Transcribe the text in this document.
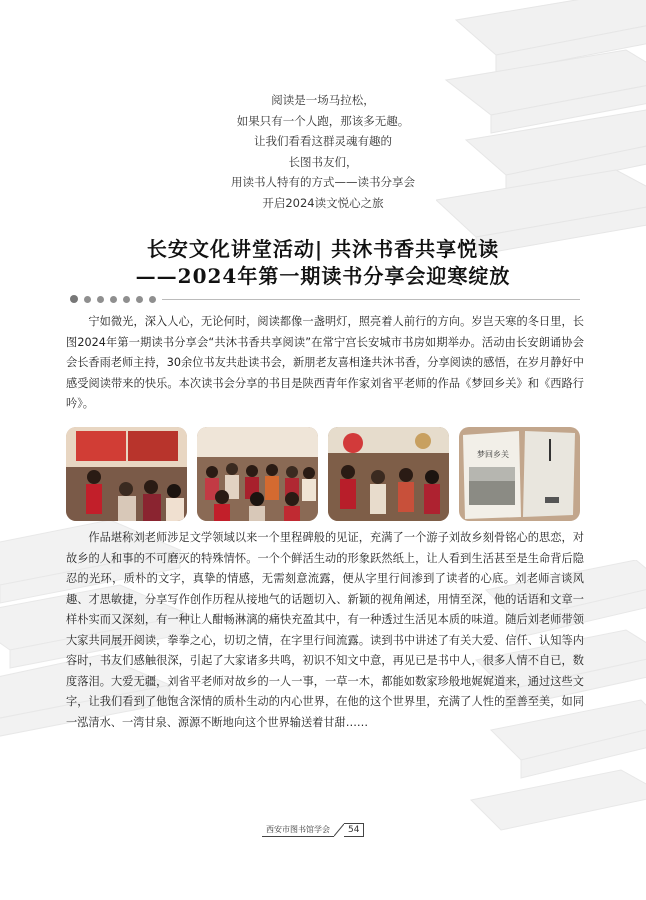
阅读是一场马拉松，
如果只有一个人跑，那该多无趣。
让我们看看这群灵魂有趣的
长图书友们，
用读书人特有的方式——读书分享会
开启2024读文悦心之旅
长安文化讲堂活动| 共沐书香共享悦读
——2024年第一期读书分享会迎寒绽放

宁如微光，深入人心，无论何时，阅读都像一盏明灯，照亮着人前行的方向。岁岂天寒的冬日里，长图2024年第一期读书分享会“共沐书香共享阅读”在常宁宫长安城市书房如期举办。活动由长安朗诵协会会长香雨老师主持，30余位书友共赴读书会，新朋老友喜相逢共沐书香，分享阅读的感悟，在岁月静好中感受阅读带来的快乐。本次读书会分享的书目是陕西青年作家刘省平老师的作品《梦回乡关》和《西路行吟》。

梦回乡关

作品堪称刘老师涉足文学领域以来一个里程碑般的见证，充满了一个游子刘故乡刻骨铭心的思恋，对故乡的人和事的不可磨灭的特殊情怀。一个个鲜活生动的形象跃然纸上，让人看到生活甚至是生命背后隐忍的光环，质朴的文字，真挚的情感，无需刻意流露，便从字里行间渗到了读者的心底。刘老师言谈风趣、才思敏捷，分享写作创作历程从接地气的话题切入、新颖的视角阐述，用情至深，他的话语和文章一样朴实而又深刻，有一种让人酣畅淋漓的痛快充盈其中，有一种透过生活见本质的味道。随后刘老师带领大家共同展开阅读，拳拳之心，切切之情，在字里行间流露。读到书中讲述了有关大爱、信仟、认知等内容时，书友们感触很深，引起了大家诸多共鸣，初识不知文中意，再见已是书中人，很多人情不自已，数度落泪。大爱无疆，刘省平老师对故乡的一人一事，一草一木，都能如数家珍般地娓娓道来，通过这些文字，让我们看到了他饱含深情的质朴生动的内心世界，在他的这个世界里，充满了人性的至善至美，如同一泓清水、一湾甘泉、源源不断地向这个世界输送着甘甜……

西安市图书馆学会	54
